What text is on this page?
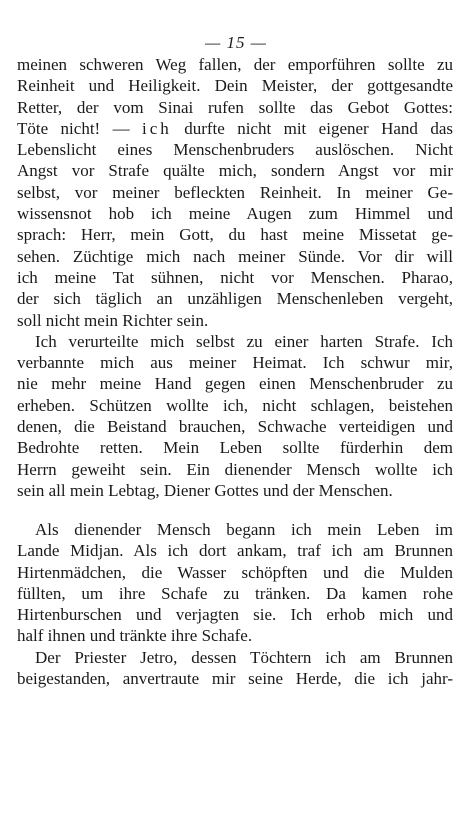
— 15 —
meinen schweren Weg fallen, der emporführen sollte zu
Reinheit und Heiligkeit. Dein Meister, der gottgesandte
Retter, der vom Sinai rufen sollte das Gebot Gottes:
Töte nicht! — ich durfte nicht mit eigener Hand das
Lebenslicht eines Menschenbruders auslöschen. Nicht
Angst vor Strafe quälte mich, sondern Angst vor mir
selbst, vor meiner befleckten Reinheit. In meiner Ge-
wissensnot hob ich meine Augen zum Himmel und
sprach: Herr, mein Gott, du hast meine Missetat ge-
sehen. Züchtige mich nach meiner Sünde. Vor dir will
ich meine Tat sühnen, nicht vor Menschen. Pharao,
der sich täglich an unzähligen Menschenleben vergeht,
soll nicht mein Richter sein.
Ich verurteilte mich selbst zu einer harten Strafe. Ich
verbannte mich aus meiner Heimat. Ich schwur mir,
nie mehr meine Hand gegen einen Menschenbruder zu
erheben. Schützen wollte ich, nicht schlagen, beistehen
denen, die Beistand brauchen, Schwache verteidigen und
Bedrohte retten. Mein Leben sollte fürderhin dem
Herrn geweiht sein. Ein dienender Mensch wollte ich
sein all mein Lebtag, Diener Gottes und der Menschen.
Als dienender Mensch begann ich mein Leben im
Lande Midjan. Als ich dort ankam, traf ich am Brunnen
Hirtenmädchen, die Wasser schöpften und die Mulden
füllten, um ihre Schafe zu tränken. Da kamen rohe
Hirtenburschen und verjagten sie. Ich erhob mich und
half ihnen und tränkte ihre Schafe.
Der Priester Jetro, dessen Töchtern ich am Brunnen
beigestanden, anvertraute mir seine Herde, die ich jahr-
